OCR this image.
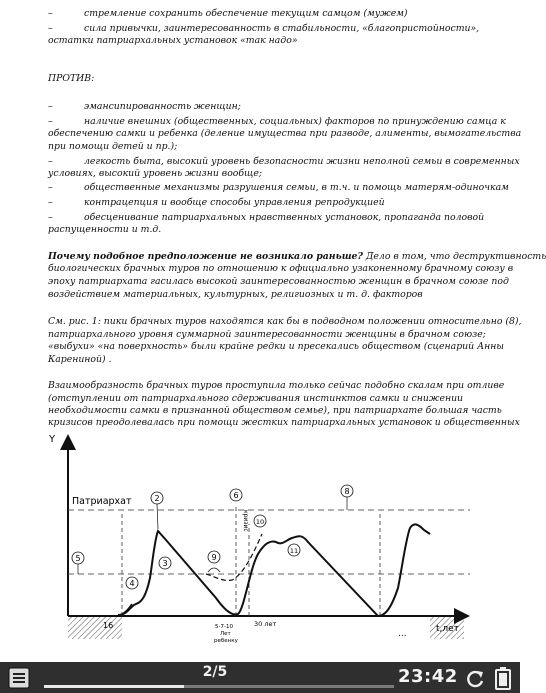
–	стремление сохранить обеспечение текущим самцом (мужем)
–	сила привычки, заинтересованность в стабильности, «благопристойности»,
остатки патриархальных установок «так надо»
ПРОТИВ:
–	эмансипированность женщин;
–	наличие внешних (общественных, социальных) факторов по принуждению самца к
обеспечению самки и ребенка (деление имущества при разводе, алименты, вымогательства
при помощи детей и пр.);
–	легкость быта, высокий уровень безопасности жизни неполной семьи в современных
условиях, высокий уровень жизни вообще;
–	общественные механизмы разрушения семьи, в т.ч. и помощь матерям-одиночкам
–	контрацепция и вообще способы управления репродукцией
–	обесценивание патриархальных нравственных установок, пропаганда половой
распущенности и т.д.
Почему подобное предположение не возникало раньше? Дело в том, что деструктивность
биологических брачных туров по отношению к официально узаконенному брачному союзу в
эпоху патриархата гасилась высокой заинтересованностью женщин в брачном союзе под
воздействием материальных, культурных, религиозных и т. д. факторов
См. рис. 1: пики брачных туров находятся как бы в подводном положении относительно (8),
патриархального уровня суммарной заинтересованности женщины в брачном союзе;
«выбухи» «на поверхность» были крайне редки и пресекались обществом (сценарий Анны
Карениной) .
Взаимообразность брачных туров проступила только сейчас подобно скалам при отливе
(отступлении от патриархального сдерживания инстинктов самки и снижении
необходимости самки в признанной обществом семье), при патриархате большая часть
кризисов преодолевалась при помощи жестких патриархальных установок и общественных
Y
t,лет
Патриархат
кризис
2
3
4
5
6	8
9
10
11
16	5-7-10
Лет
ребенку
30 лет
...
2/5	23:42
